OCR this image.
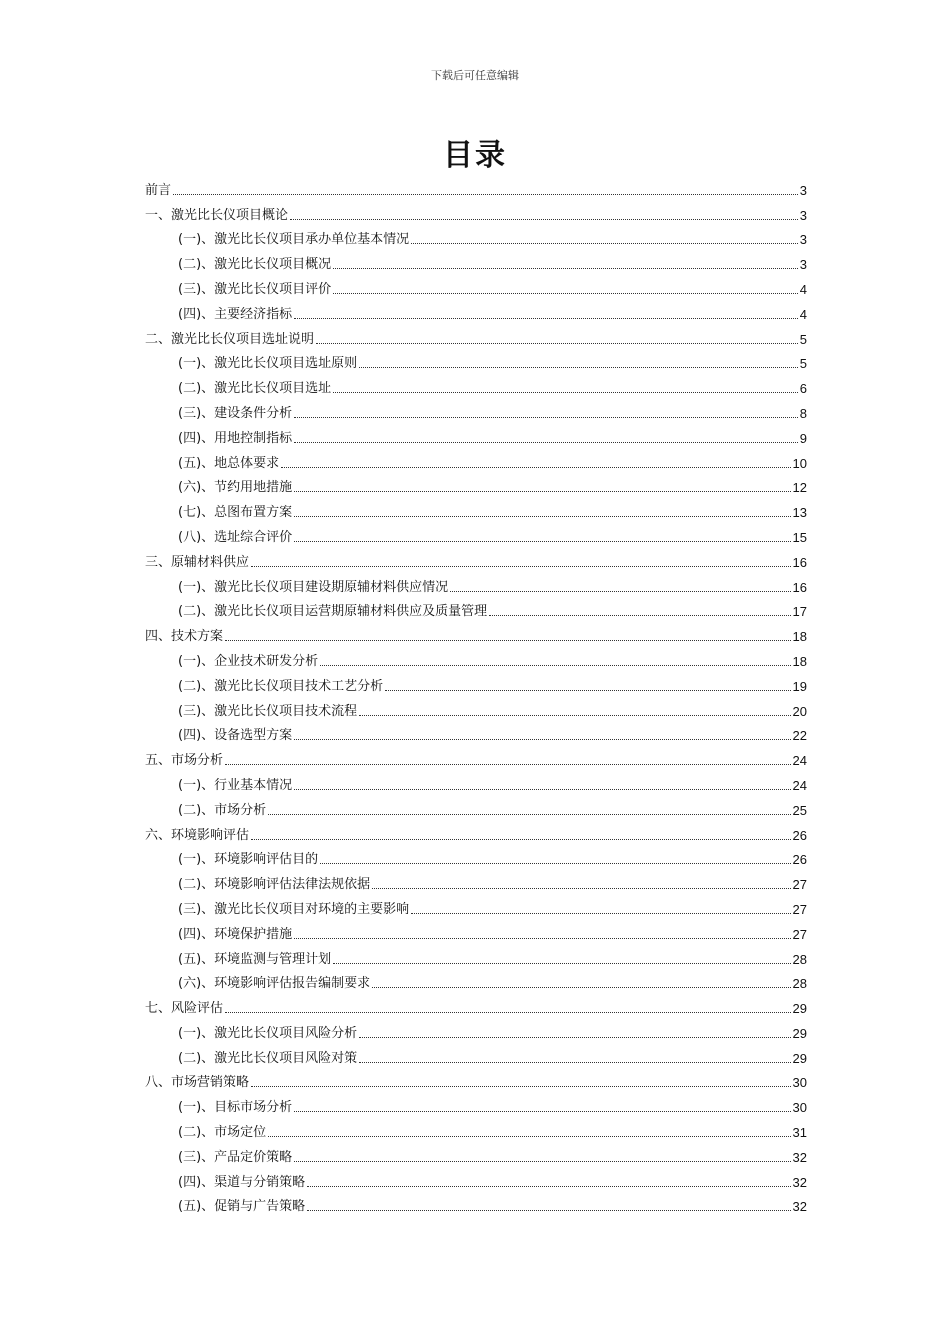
下载后可任意编辑
目录
前言	3
一、激光比长仪项目概论	3
(一)、激光比长仪项目承办单位基本情况	3
(二)、激光比长仪项目概况	3
(三)、激光比长仪项目评价	4
(四)、主要经济指标	4
二、激光比长仪项目选址说明	5
(一)、激光比长仪项目选址原则	5
(二)、激光比长仪项目选址	6
(三)、建设条件分析	8
(四)、用地控制指标	9
(五)、地总体要求	10
(六)、节约用地措施	12
(七)、总图布置方案	13
(八)、选址综合评价	15
三、原辅材料供应	16
(一)、激光比长仪项目建设期原辅材料供应情况	16
(二)、激光比长仪项目运营期原辅材料供应及质量管理	17
四、技术方案	18
(一)、企业技术研发分析	18
(二)、激光比长仪项目技术工艺分析	19
(三)、激光比长仪项目技术流程	20
(四)、设备选型方案	22
五、市场分析	24
(一)、行业基本情况	24
(二)、市场分析	25
六、环境影响评估	26
(一)、环境影响评估目的	26
(二)、环境影响评估法律法规依据	27
(三)、激光比长仪项目对环境的主要影响	27
(四)、环境保护措施	27
(五)、环境监测与管理计划	28
(六)、环境影响评估报告编制要求	28
七、风险评估	29
(一)、激光比长仪项目风险分析	29
(二)、激光比长仪项目风险对策	29
八、市场营销策略	30
(一)、目标市场分析	30
(二)、市场定位	31
(三)、产品定价策略	32
(四)、渠道与分销策略	32
(五)、促销与广告策略	32
